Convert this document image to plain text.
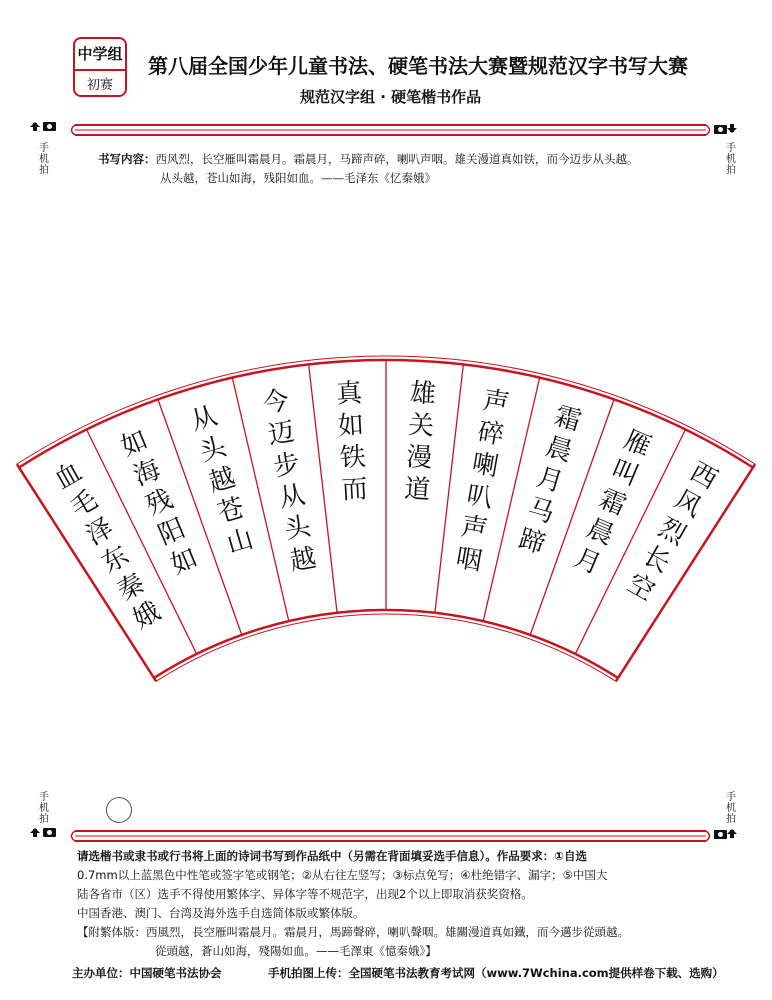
中学组
初赛
第八届全国少年儿童书法、硬笔书法大赛暨规范汉字书写大赛
规范汉字组 · 硬笔楷书作品
手机拍
手机拍
手机拍
手机拍
书写内容：西风烈，长空雁叫霜晨月。霜晨月，马蹄声碎，喇叭声咽。雄关漫道真如铁，而今迈步从头越。
从头越，苍山如海，残阳如血。——毛泽东《忆秦娥》
西
风
烈
长
空
雁
叫
霜
晨
月
霜
晨
月
马
蹄
声
碎
喇
叭
声
咽
雄
关
漫
道
真
如
铁
而
今
迈
步
从
头
越
从
头
越
苍
山
如
海
残
阳
如
血
毛
泽
东
秦
娥
请选楷书或隶书或行书将上面的诗词书写到作品纸中（另需在背面填妥选手信息）。作品要求：①自选
0.7mm以上蓝黑色中性笔或签字笔或钢笔；②从右往左竖写；③标点免写；④杜绝错字、漏字；⑤中国大
陆各省市（区）选手不得使用繁体字、异体字等不规范字，出现2个以上即取消获奖资格。
中国香港、澳门、台湾及海外选手自选简体版或繁体版。
【附繁体版：西風烈，長空雁叫霜晨月。霜晨月，馬蹄聲碎，喇叭聲咽。雄關漫道真如鐵，而今邁步從頭越。
從頭越，蒼山如海，殘陽如血。——毛澤東《憶秦娥》】
主办单位：中国硬笔书法协会	手机拍图上传：全国硬笔书法教育考试网（www.7Wchina.com提供样卷下载、选购）
